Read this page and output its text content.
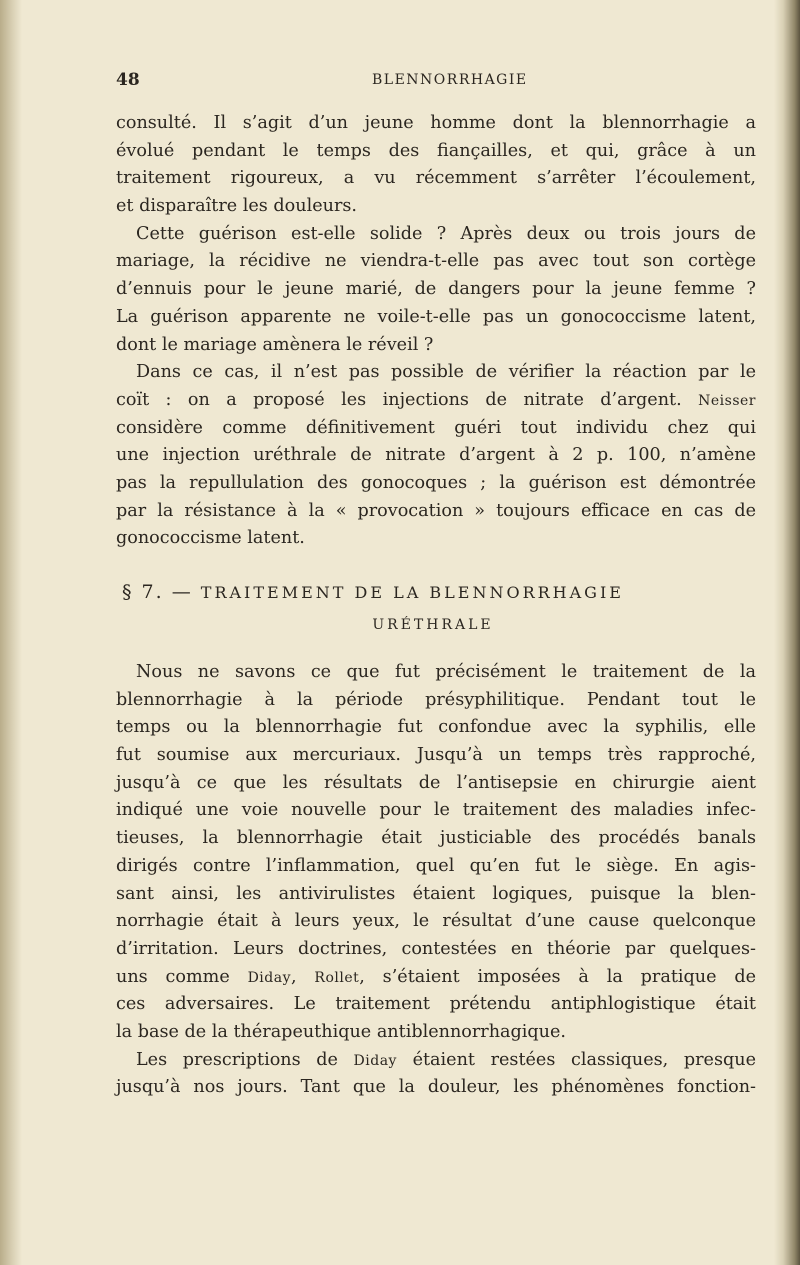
48	BLENNORRHAGIE
consulté. Il s’agit d’un jeune homme dont la blennorrhagie a
évolué pendant le temps des fiançailles, et qui, grâce à un
traitement rigoureux, a vu récemment s’arrêter l’écoulement,
et disparaître les douleurs.
Cette guérison est-elle solide ? Après deux ou trois jours de
mariage, la récidive ne viendra-t-elle pas avec tout son cortège
d’ennuis pour le jeune marié, de dangers pour la jeune femme ?
La guérison apparente ne voile-t-elle pas un gonococcisme latent,
dont le mariage amènera le réveil ?
Dans ce cas, il n’est pas possible de vérifier la réaction par le
coït : on a proposé les injections de nitrate d’argent. Neisser
considère comme définitivement guéri tout individu chez qui
une injection uréthrale de nitrate d’argent à 2 p. 100, n’amène
pas la repullulation des gonocoques ; la guérison est démontrée
par la résistance à la « provocation » toujours efficace en cas de
gonococcisme latent.
§ 7. — TRAITEMENT DE LA BLENNORRHAGIE
URÉTHRALE
Nous ne savons ce que fut précisément le traitement de la
blennorrhagie à la période présyphilitique. Pendant tout le
temps ou la blennorrhagie fut confondue avec la syphilis, elle
fut soumise aux mercuriaux. Jusqu’à un temps très rapproché,
jusqu’à ce que les résultats de l’antisepsie en chirurgie aient
indiqué une voie nouvelle pour le traitement des maladies infec-
tieuses, la blennorrhagie était justiciable des procédés banals
dirigés contre l’inflammation, quel qu’en fut le siège. En agis-
sant ainsi, les antivirulistes étaient logiques, puisque la blen-
norrhagie était à leurs yeux, le résultat d’une cause quelconque
d’irritation. Leurs doctrines, contestées en théorie par quelques-
uns comme Diday, Rollet, s’étaient imposées à la pratique de
ces adversaires. Le traitement prétendu antiphlogistique était
la base de la thérapeuthique antiblennorrhagique.
Les prescriptions de Diday étaient restées classiques, presque
jusqu’à nos jours. Tant que la douleur, les phénomènes fonction-
